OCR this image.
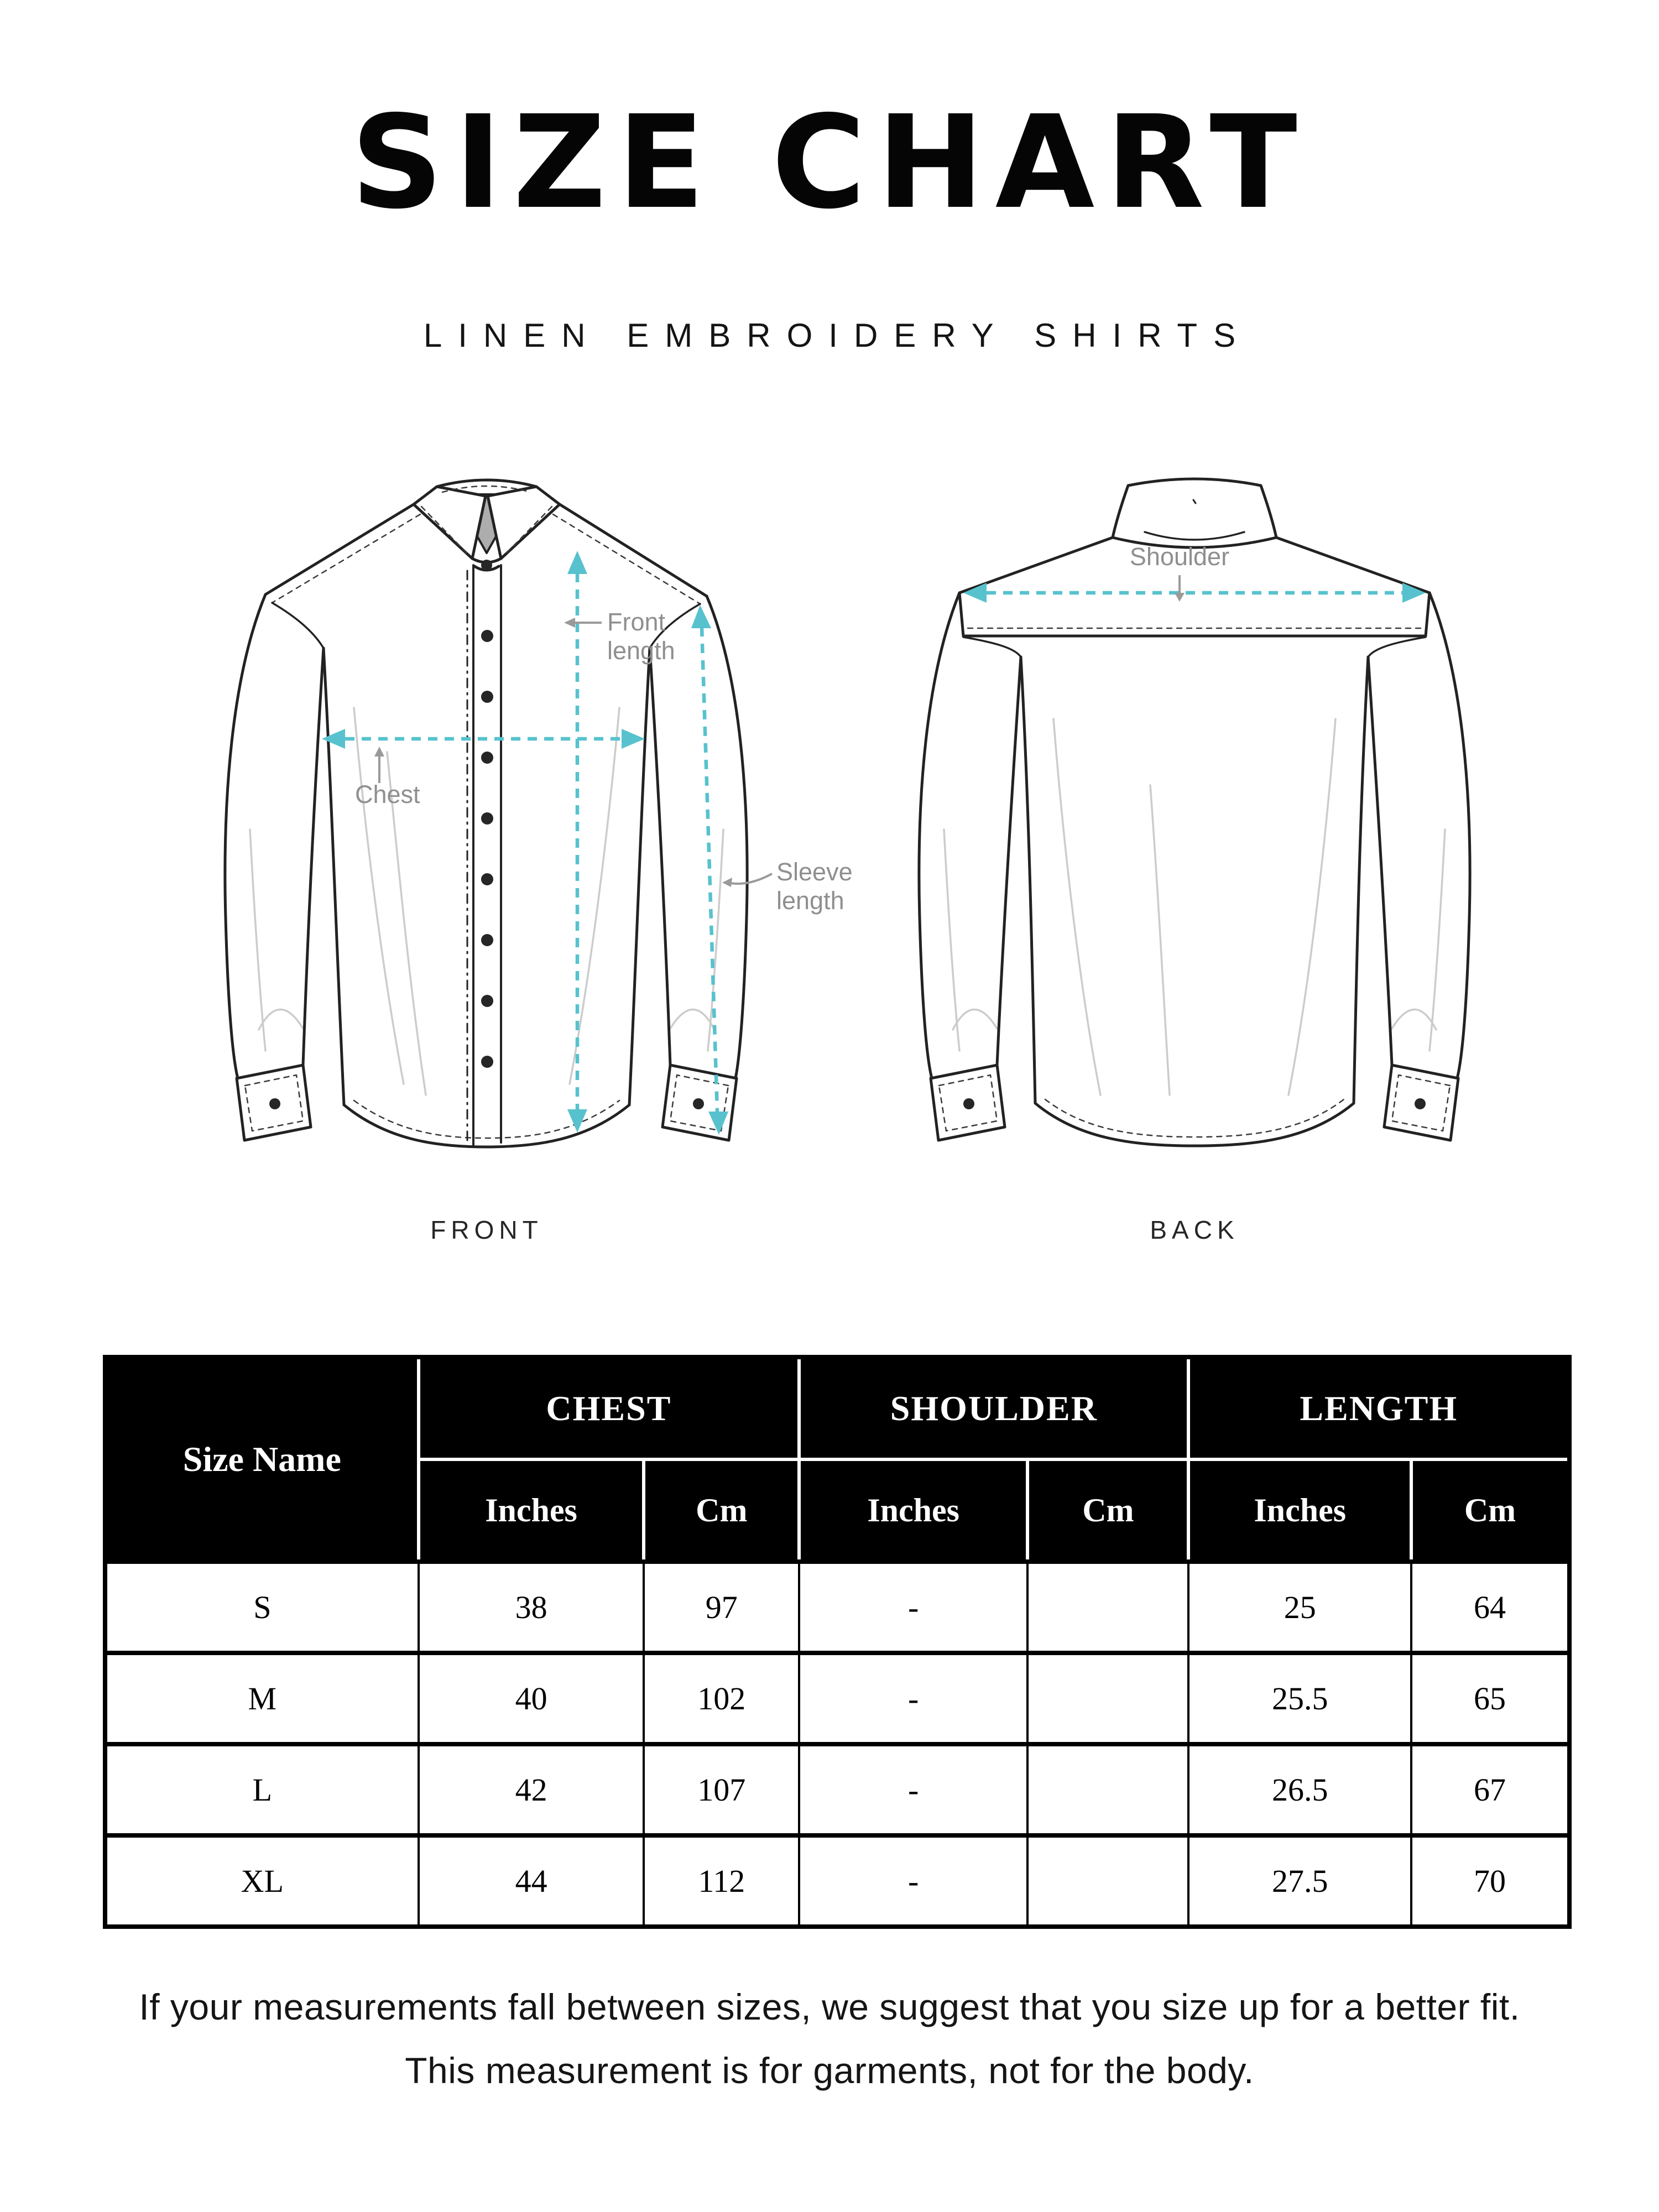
SIZE CHART
LINEN EMBROIDERY SHIRTS
Front length
Chest
Sleeve length
Shoulder
FRONT	BACK
Size Name	CHEST		SHOULDER		LENGTH	
	Inches	Cm	Inches	Cm	Inches	Cm
S	38	97	-		25	64
M	40	102	-		25.5	65
L	42	107	-		26.5	67
XL	44	112	-		27.5	70
If your measurements fall between sizes, we suggest that you size up for a better fit.
This measurement is for garments, not for the body.
